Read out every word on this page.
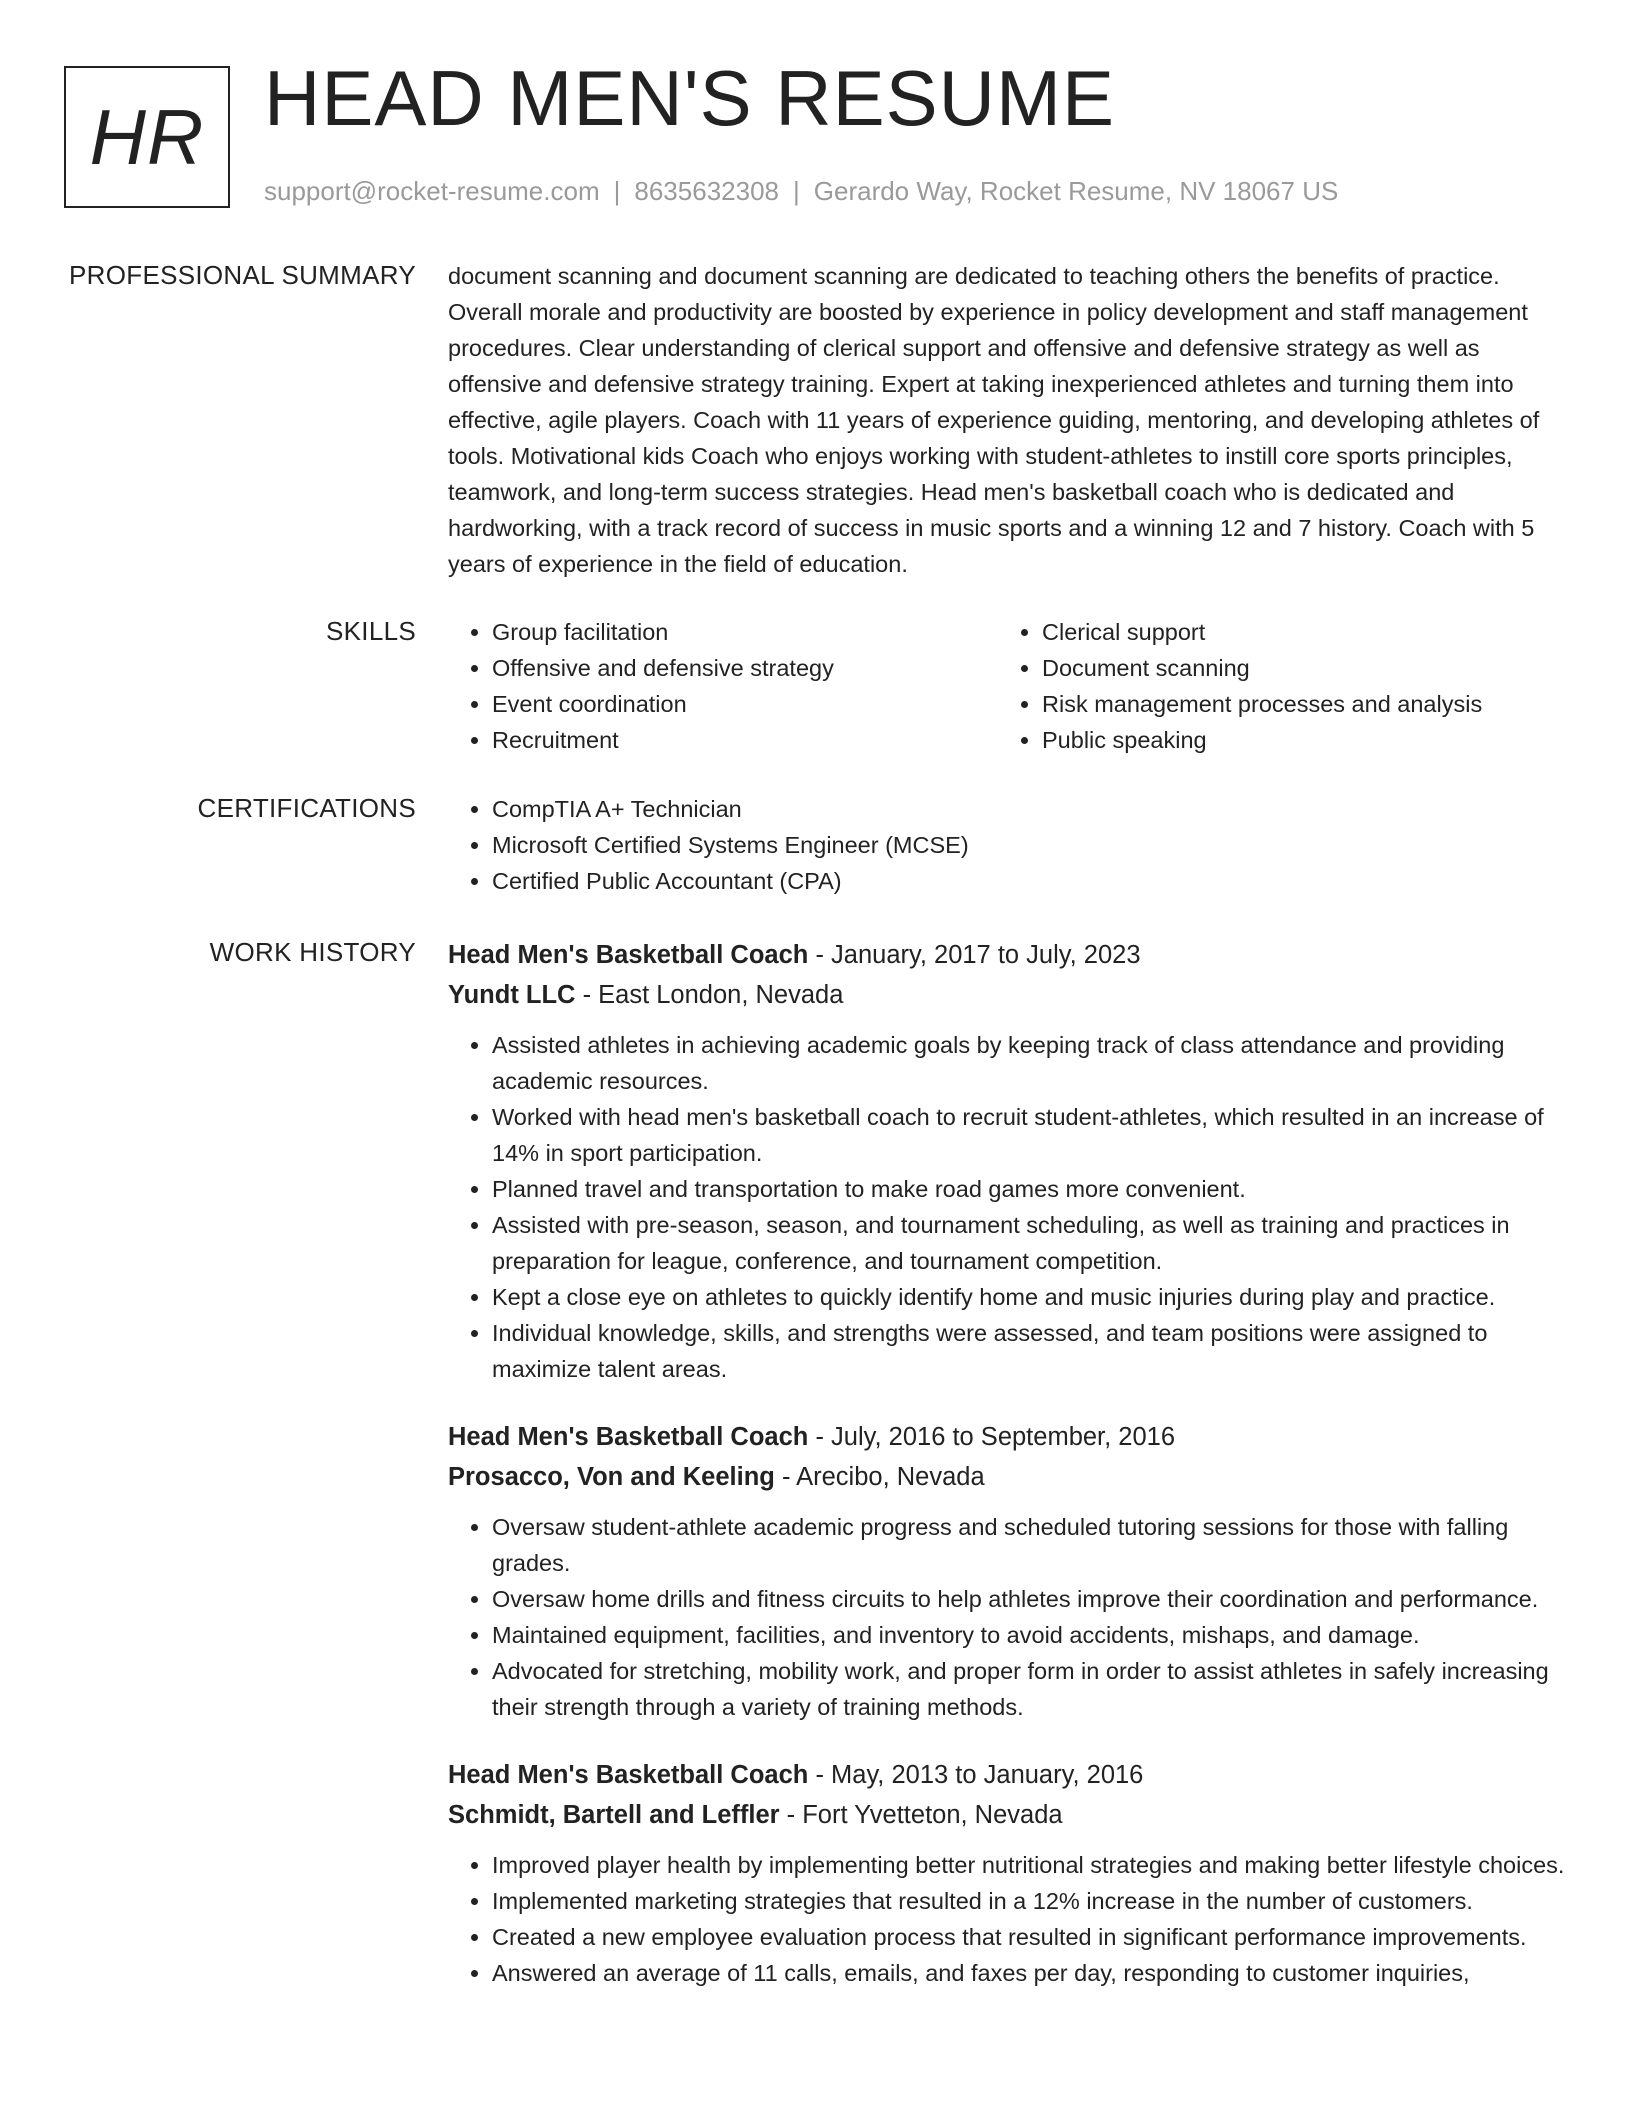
HR HEAD MEN'S RESUME
support@rocket-resume.com | 8635632308 | Gerardo Way, Rocket Resume, NV 18067 US
PROFESSIONAL SUMMARY document scanning and document scanning are dedicated to teaching others the benefits of practice. Overall morale and productivity are boosted by experience in policy development and staff management procedures. Clear understanding of clerical support and offensive and defensive strategy as well as offensive and defensive strategy training. Expert at taking inexperienced athletes and turning them into effective, agile players. Coach with 11 years of experience guiding, mentoring, and developing athletes of tools. Motivational kids Coach who enjoys working with student-athletes to instill core sports principles, teamwork, and long-term success strategies. Head men's basketball coach who is dedicated and hardworking, with a track record of success in music sports and a winning 12 and 7 history. Coach with 5 years of experience in the field of education.

SKILLS	• Group facilitation
• Offensive and defensive strategy
• Event coordination
• Recruitment
• Clerical support
• Document scanning
• Risk management processes and analysis
• Public speaking
CERTIFICATIONS	• CompTIA A+ Technician
• Microsoft Certified Systems Engineer (MCSE)
• Certified Public Accountant (CPA)
WORK HISTORY Head Men's Basketball Coach - January, 2017 to July, 2023
Yundt LLC - East London, Nevada
• Assisted athletes in achieving academic goals by keeping track of class attendance and providing academic resources.
• Worked with head men's basketball coach to recruit student-athletes, which resulted in an increase of 14% in sport participation.
• Planned travel and transportation to make road games more convenient.
• Assisted with pre-season, season, and tournament scheduling, as well as training and practices in preparation for league, conference, and tournament competition.
• Kept a close eye on athletes to quickly identify home and music injuries during play and practice.
• Individual knowledge, skills, and strengths were assessed, and team positions were assigned to maximize talent areas.
Head Men's Basketball Coach - July, 2016 to September, 2016
Prosacco, Von and Keeling - Arecibo, Nevada
• Oversaw student-athlete academic progress and scheduled tutoring sessions for those with falling grades.
• Oversaw home drills and fitness circuits to help athletes improve their coordination and performance.
• Maintained equipment, facilities, and inventory to avoid accidents, mishaps, and damage.
• Advocated for stretching, mobility work, and proper form in order to assist athletes in safely increasing their strength through a variety of training methods.
Head Men's Basketball Coach - May, 2013 to January, 2016
Schmidt, Bartell and Leffler - Fort Yvetteton, Nevada
• Improved player health by implementing better nutritional strategies and making better lifestyle choices.
• Implemented marketing strategies that resulted in a 12% increase in the number of customers.
• Created a new employee evaluation process that resulted in significant performance improvements.
• Answered an average of 11 calls, emails, and faxes per day, responding to customer inquiries,
